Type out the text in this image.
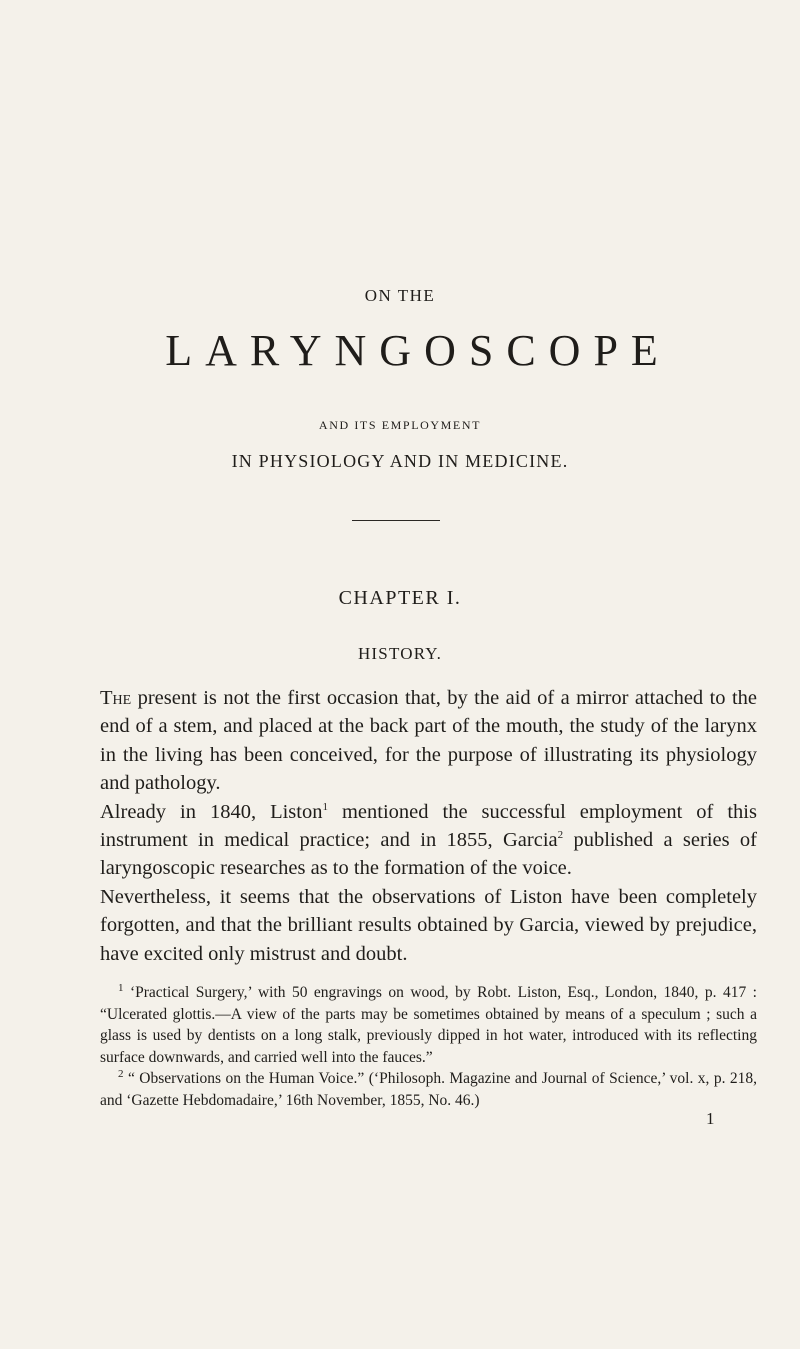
ON THE
LARYNGOSCOPE
AND ITS EMPLOYMENT
IN PHYSIOLOGY AND IN MEDICINE.
CHAPTER I.
HISTORY.

The present is not the first occasion that, by the aid of a mirror attached to the end of a stem, and placed at the back part of the mouth, the study of the larynx in the living has been conceived, for the purpose of illustrating its physiology and pathology.

Already in 1840, Liston$^1$ mentioned the successful employment of this instrument in medical practice; and in 1855, Garcia$^2$ published a series of laryngoscopic researches as to the formation of the voice.

Nevertheless, it seems that the observations of Liston have been completely forgotten, and that the brilliant results obtained by Garcia, viewed by prejudice, have excited only mistrust and doubt.

$^1$ ‘Practical Surgery,’ with 50 engravings on wood, by Robt. Liston, Esq., London, 1840, p. 417 : “Ulcerated glottis.—A view of the parts may be sometimes obtained by means of a speculum ; such a glass is used by dentists on a long stalk, previously dipped in hot water, introduced with its reflecting surface downwards, and carried well into the fauces.”

$^2$ “ Observations on the Human Voice.” (‘Philosoph. Magazine and Journal of Science,’ vol. x, p. 218, and ‘Gazette Hebdomadaire,’ 16th November, 1855, No. 46.)

1
